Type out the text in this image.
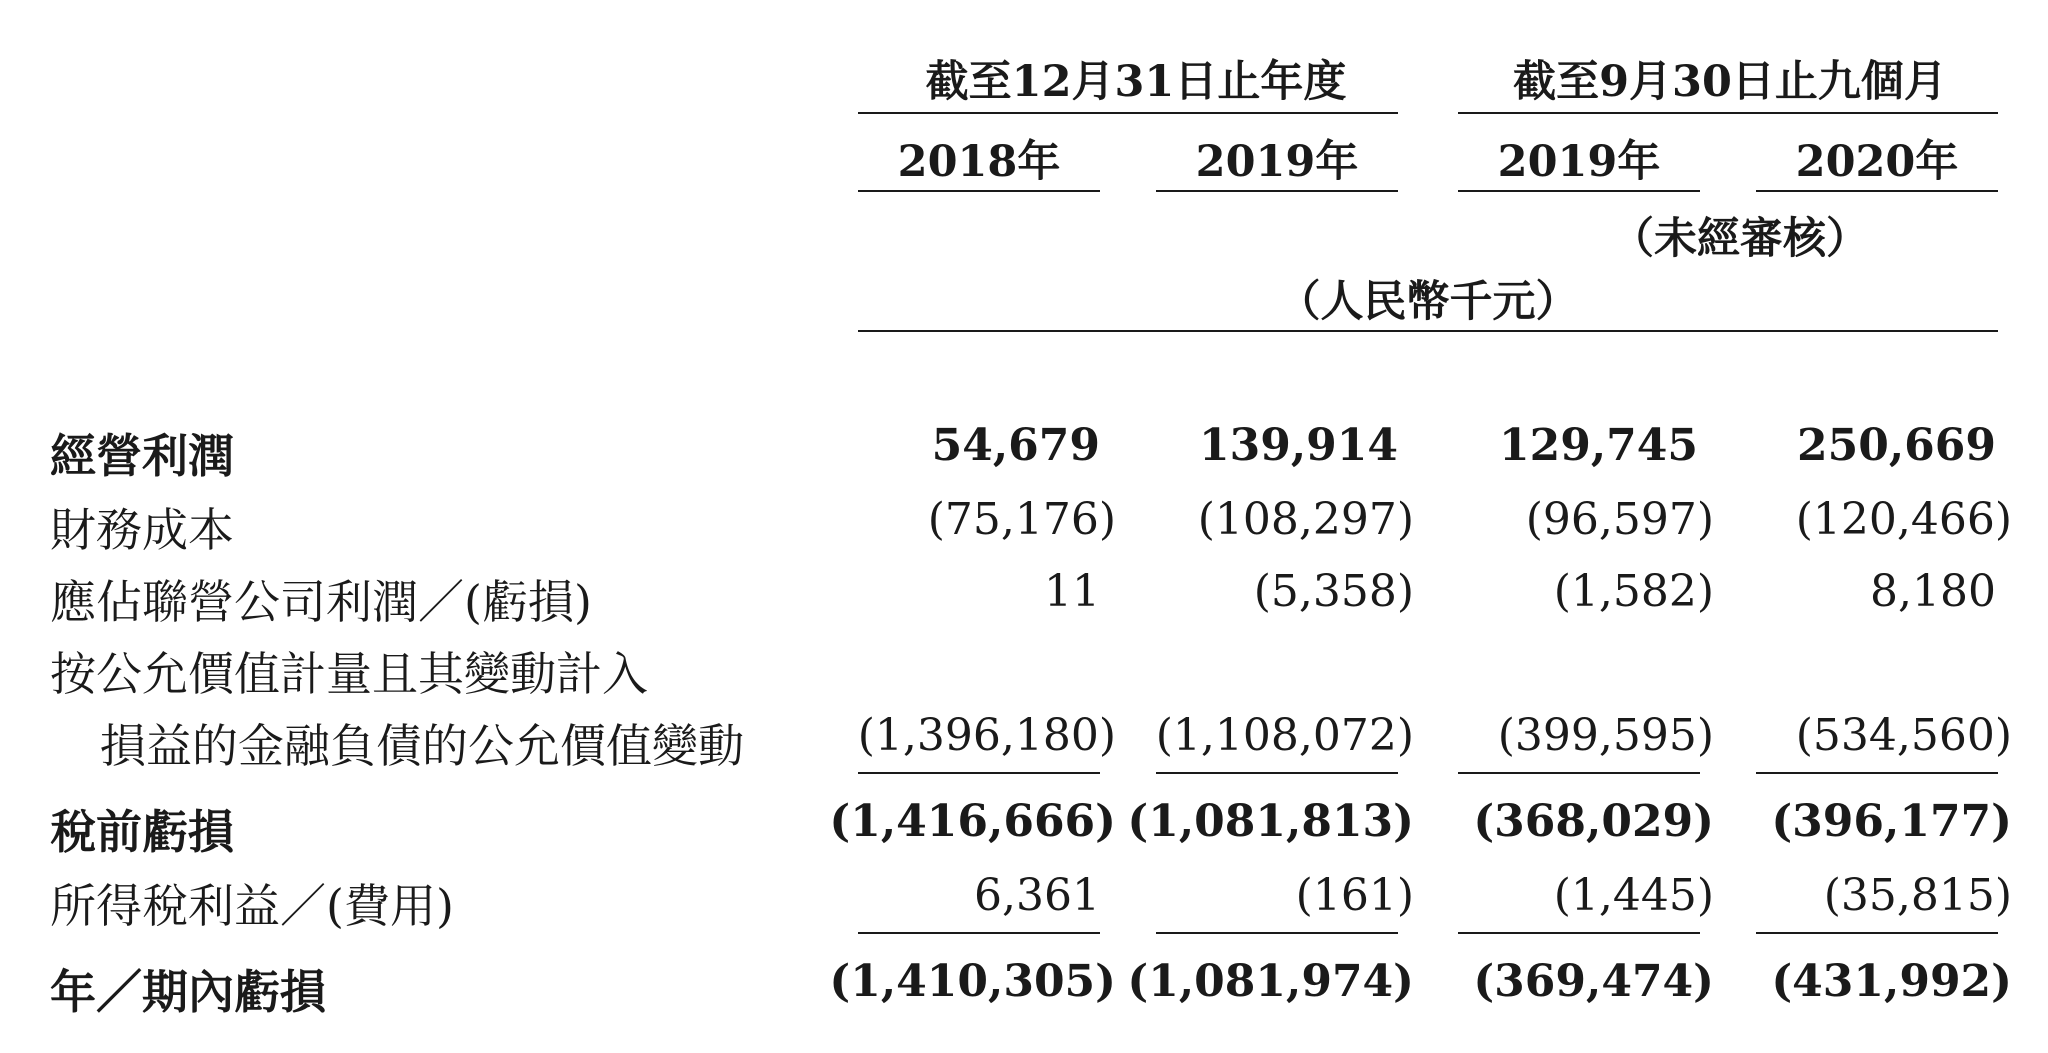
截至12月31日止年度	截至9月30日止九個月
2018年	2019年	2019年	2020年
（未經審核）
（人民幣千元）
經營利潤	54,679 139,914 129,745 250,669
財務成本	(75,176) (108,297)	(96,597) (120,466)
應佔聯營公司利潤／(虧損)	11	(5,358)	(1,582)	8,180
按公允價值計量且其變動計入
損益的金融負債的公允價值變動	(1,396,180) (1,108,072) (399,595) (534,560)
稅前虧損	(1,416,666) (1,081,813) (368,029) (396,177)
所得稅利益／(費用)	6,361	(161)	(1,445) (35,815)
年／期內虧損	(1,410,305) (1,081,974) (369,474) (431,992)
